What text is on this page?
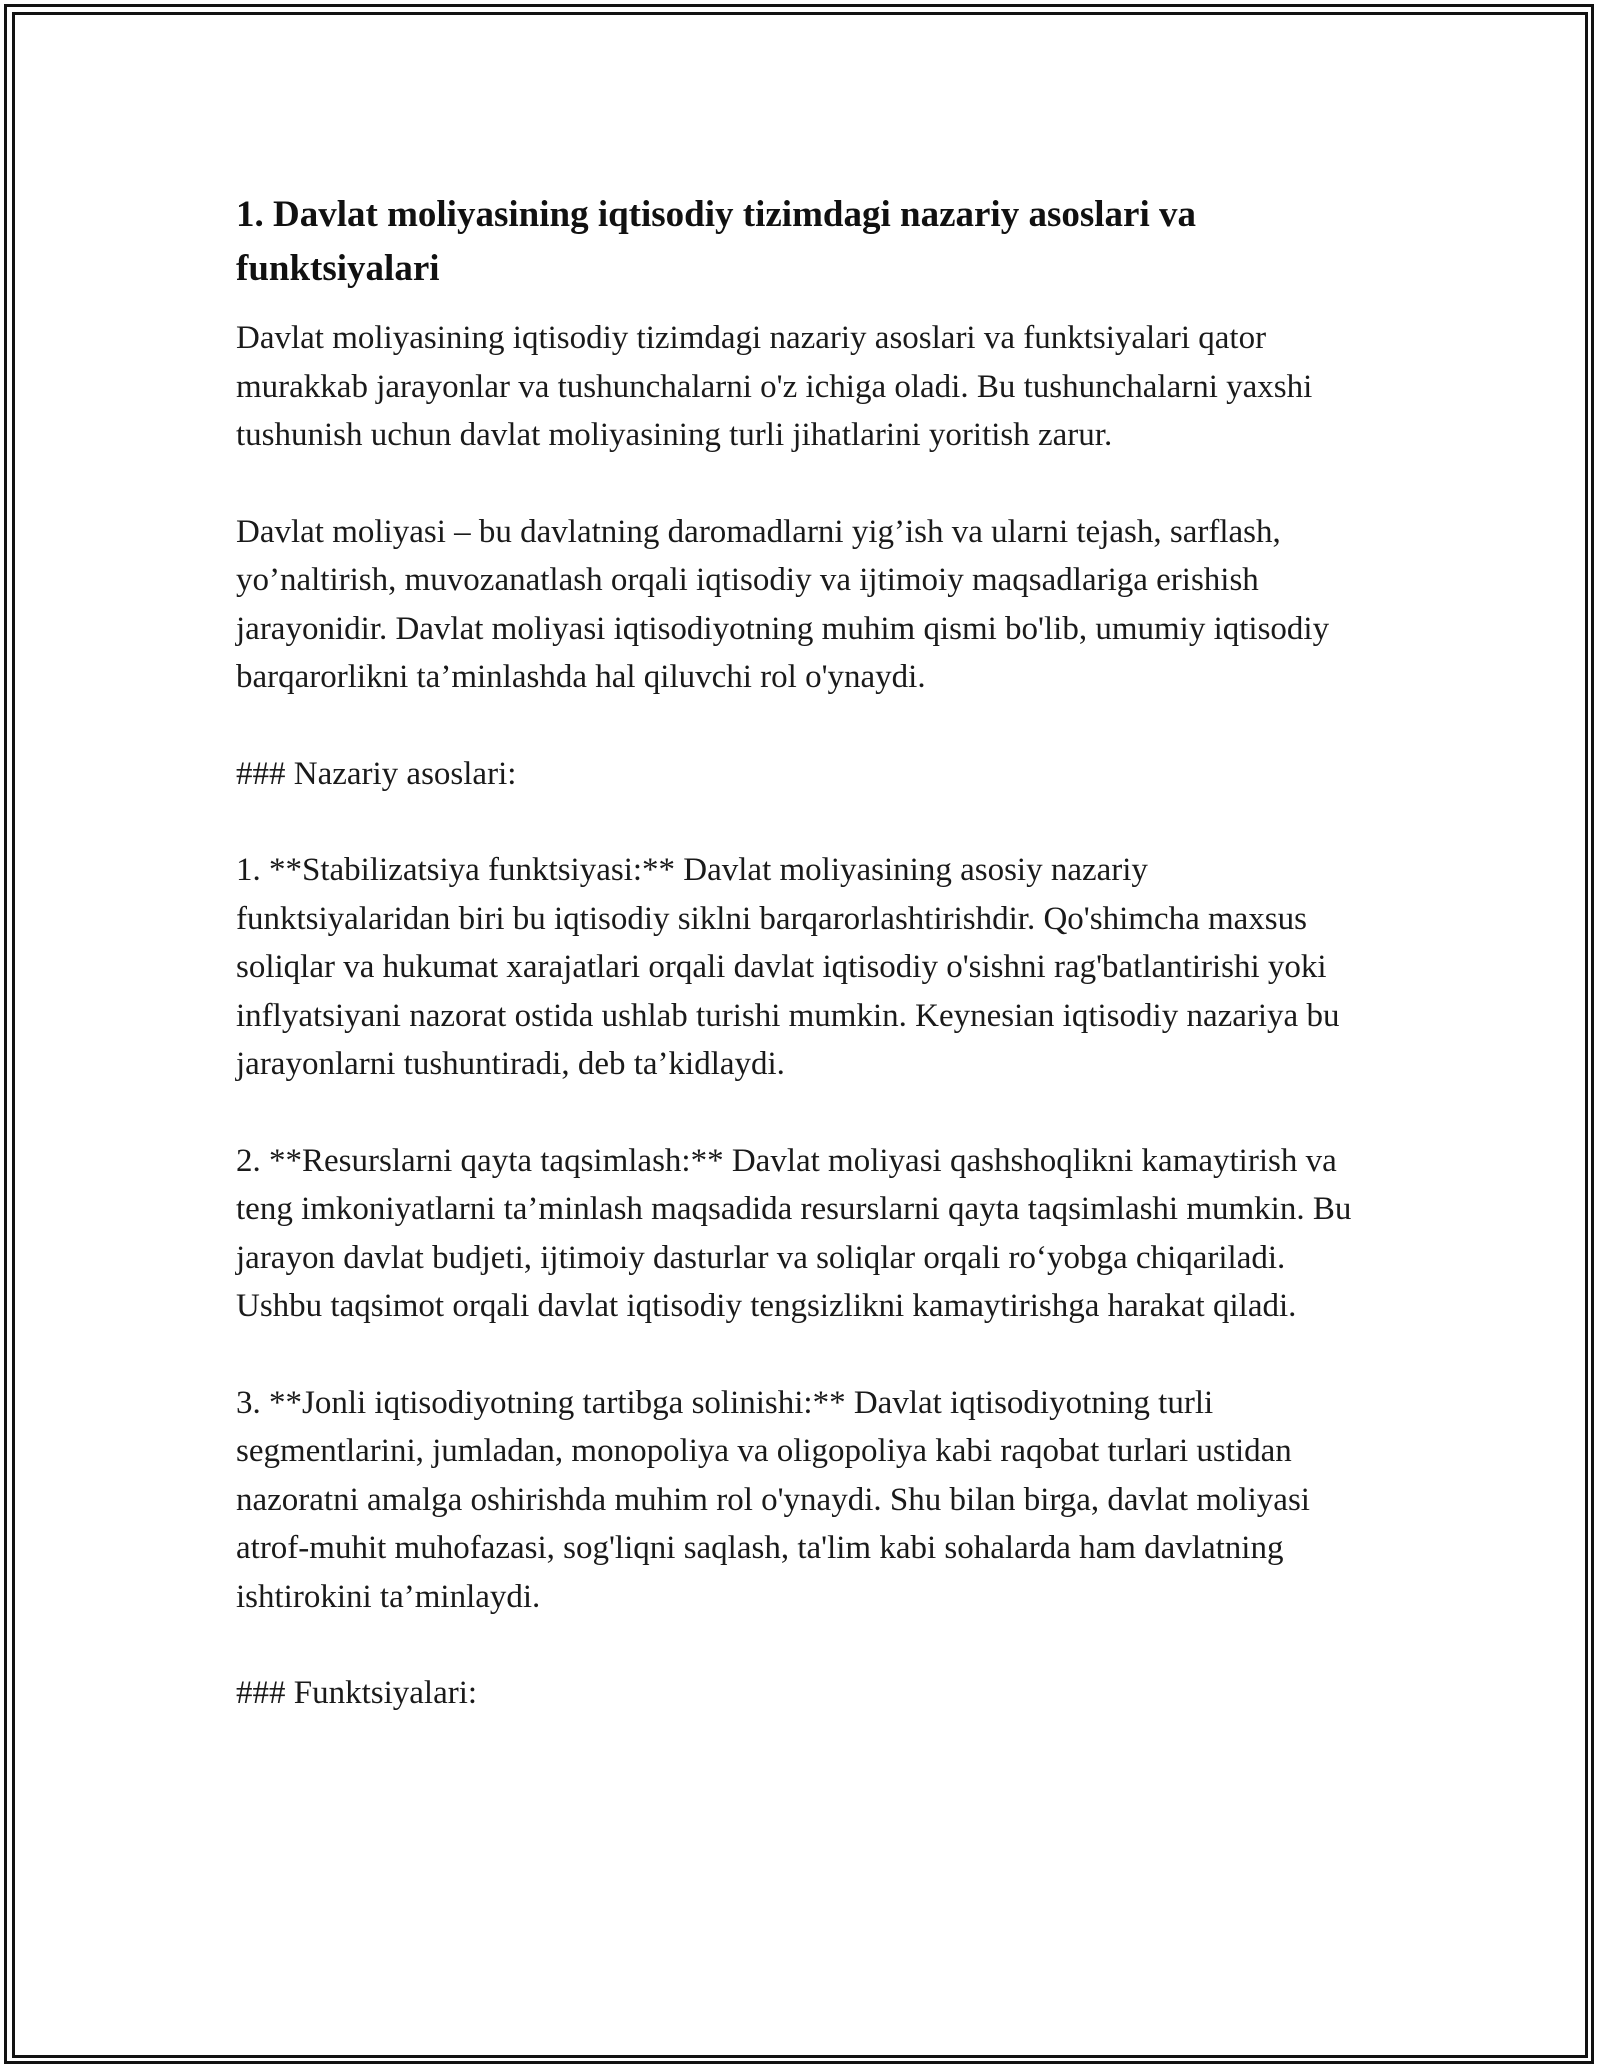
1. Davlat moliyasining iqtisodiy tizimdagi nazariy asoslari va funktsiyalari

Davlat moliyasining iqtisodiy tizimdagi nazariy asoslari va funktsiyalari qator murakkab jarayonlar va tushunchalarni o'z ichiga oladi. Bu tushunchalarni yaxshi tushunish uchun davlat moliyasining turli jihatlarini yoritish zarur.

Davlat moliyasi – bu davlatning daromadlarni yig’ish va ularni tejash, sarflash, yo’naltirish, muvozanatlash orqali iqtisodiy va ijtimoiy maqsadlariga erishish jarayonidir. Davlat moliyasi iqtisodiyotning muhim qismi bo'lib, umumiy iqtisodiy barqarorlikni ta’minlashda hal qiluvchi rol o'ynaydi.

### Nazariy asoslari:

1. **Stabilizatsiya funktsiyasi:** Davlat moliyasining asosiy nazariy funktsiyalaridan biri bu iqtisodiy siklni barqarorlashtirishdir. Qo'shimcha maxsus soliqlar va hukumat xarajatlari orqali davlat iqtisodiy o'sishni rag'batlantirishi yoki inflyatsiyani nazorat ostida ushlab turishi mumkin. Keynesian iqtisodiy nazariya bu jarayonlarni tushuntiradi, deb ta’kidlaydi.

2. **Resurslarni qayta taqsimlash:** Davlat moliyasi qashshoqlikni kamaytirish va teng imkoniyatlarni ta’minlash maqsadida resurslarni qayta taqsimlashi mumkin. Bu jarayon davlat budjeti, ijtimoiy dasturlar va soliqlar orqali ro‘yobga chiqariladi. Ushbu taqsimot orqali davlat iqtisodiy tengsizlikni kamaytirishga harakat qiladi.

3. **Jonli iqtisodiyotning tartibga solinishi:** Davlat iqtisodiyotning turli segmentlarini, jumladan, monopoliya va oligopoliya kabi raqobat turlari ustidan nazoratni amalga oshirishda muhim rol o'ynaydi. Shu bilan birga, davlat moliyasi atrof-muhit muhofazasi, sog'liqni saqlash, ta'lim kabi sohalarda ham davlatning ishtirokini ta’minlaydi.

### Funktsiyalari:
